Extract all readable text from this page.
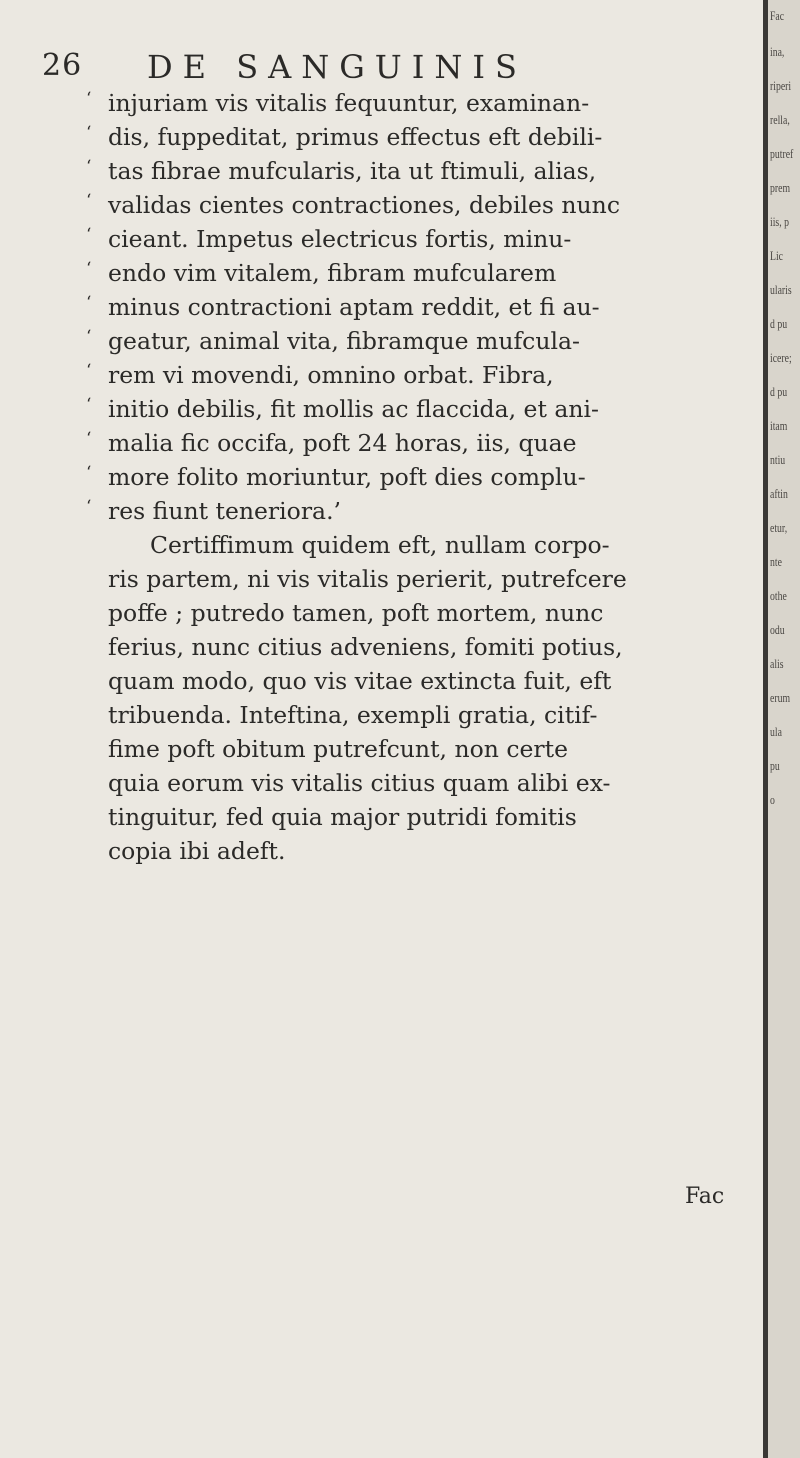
26 DE SANGUINIS
‘ injuriam vis vitalis fequuntur, examinan-
‘ dis, fuppeditat, primus effectus eft debili-
‘ tas fibrae mufcularis, ita ut ftimuli, alias,
‘ validas cientes contractiones, debiles nunc
‘ cieant. Impetus electricus fortis, minu-
‘ endo vim vitalem, fibram mufcularem
‘ minus contractioni aptam reddit, et fi au-
‘ geatur, animal vita, fibramque mufcula-
‘ rem vi movendi, omnino orbat. Fibra,
‘ initio debilis, fit mollis ac flaccida, et ani-
‘ malia fic occifa, poft 24 horas, iis, quae
‘ more folito moriuntur, poft dies complu-
‘ res fiunt teneriora.’
Certiffimum quidem eft, nullam corpo-
ris partem, ni vis vitalis perierit, putrefcere
poffe ; putredo tamen, poft mortem, nunc
ferius, nunc citius adveniens, fomiti potius,
quam modo, quo vis vitae extincta fuit, eft
tribuenda. Inteftina, exempli gratia, citif-
fime poft obitum putrefcunt, non certe
quia eorum vis vitalis citius quam alibi ex-
tinguitur, fed quia major putridi fomitis
copia ibi adeft.
Fac
Fac
ina,
riperi
rella,
putref
prem
iis, p
Lic
ularis
d pu
icere;
d pu
itam
ntiu
aftin
etur,
nte
othe
odu
alis
erum
ula
pu
o
